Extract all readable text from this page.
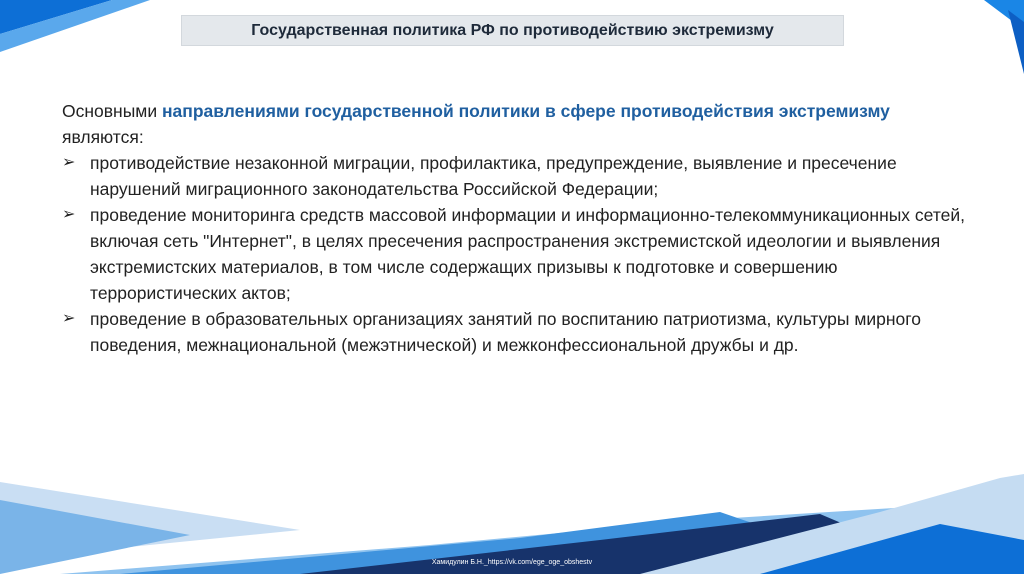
Государственная политика РФ по противодействию экстремизму

Основными направлениями государственной политики в сфере противодействия экстремизму являются:

➢ противодействие незаконной миграции, профилактика, предупреждение, выявление и пресечение нарушений миграционного законодательства Российской Федерации;
➢ проведение мониторинга средств массовой информации и информационно-телекоммуникационных сетей, включая сеть "Интернет", в целях пресечения распространения экстремистской идеологии и выявления экстремистских материалов, в том числе содержащих призывы к подготовке и совершению террористических актов;
➢ проведение в образовательных организациях занятий по воспитанию патриотизма, культуры мирного поведения, межнациональной (межэтнической) и межконфессиональной дружбы и др.
Хамидулин Б.Н._https://vk.com/ege_oge_obshestv
